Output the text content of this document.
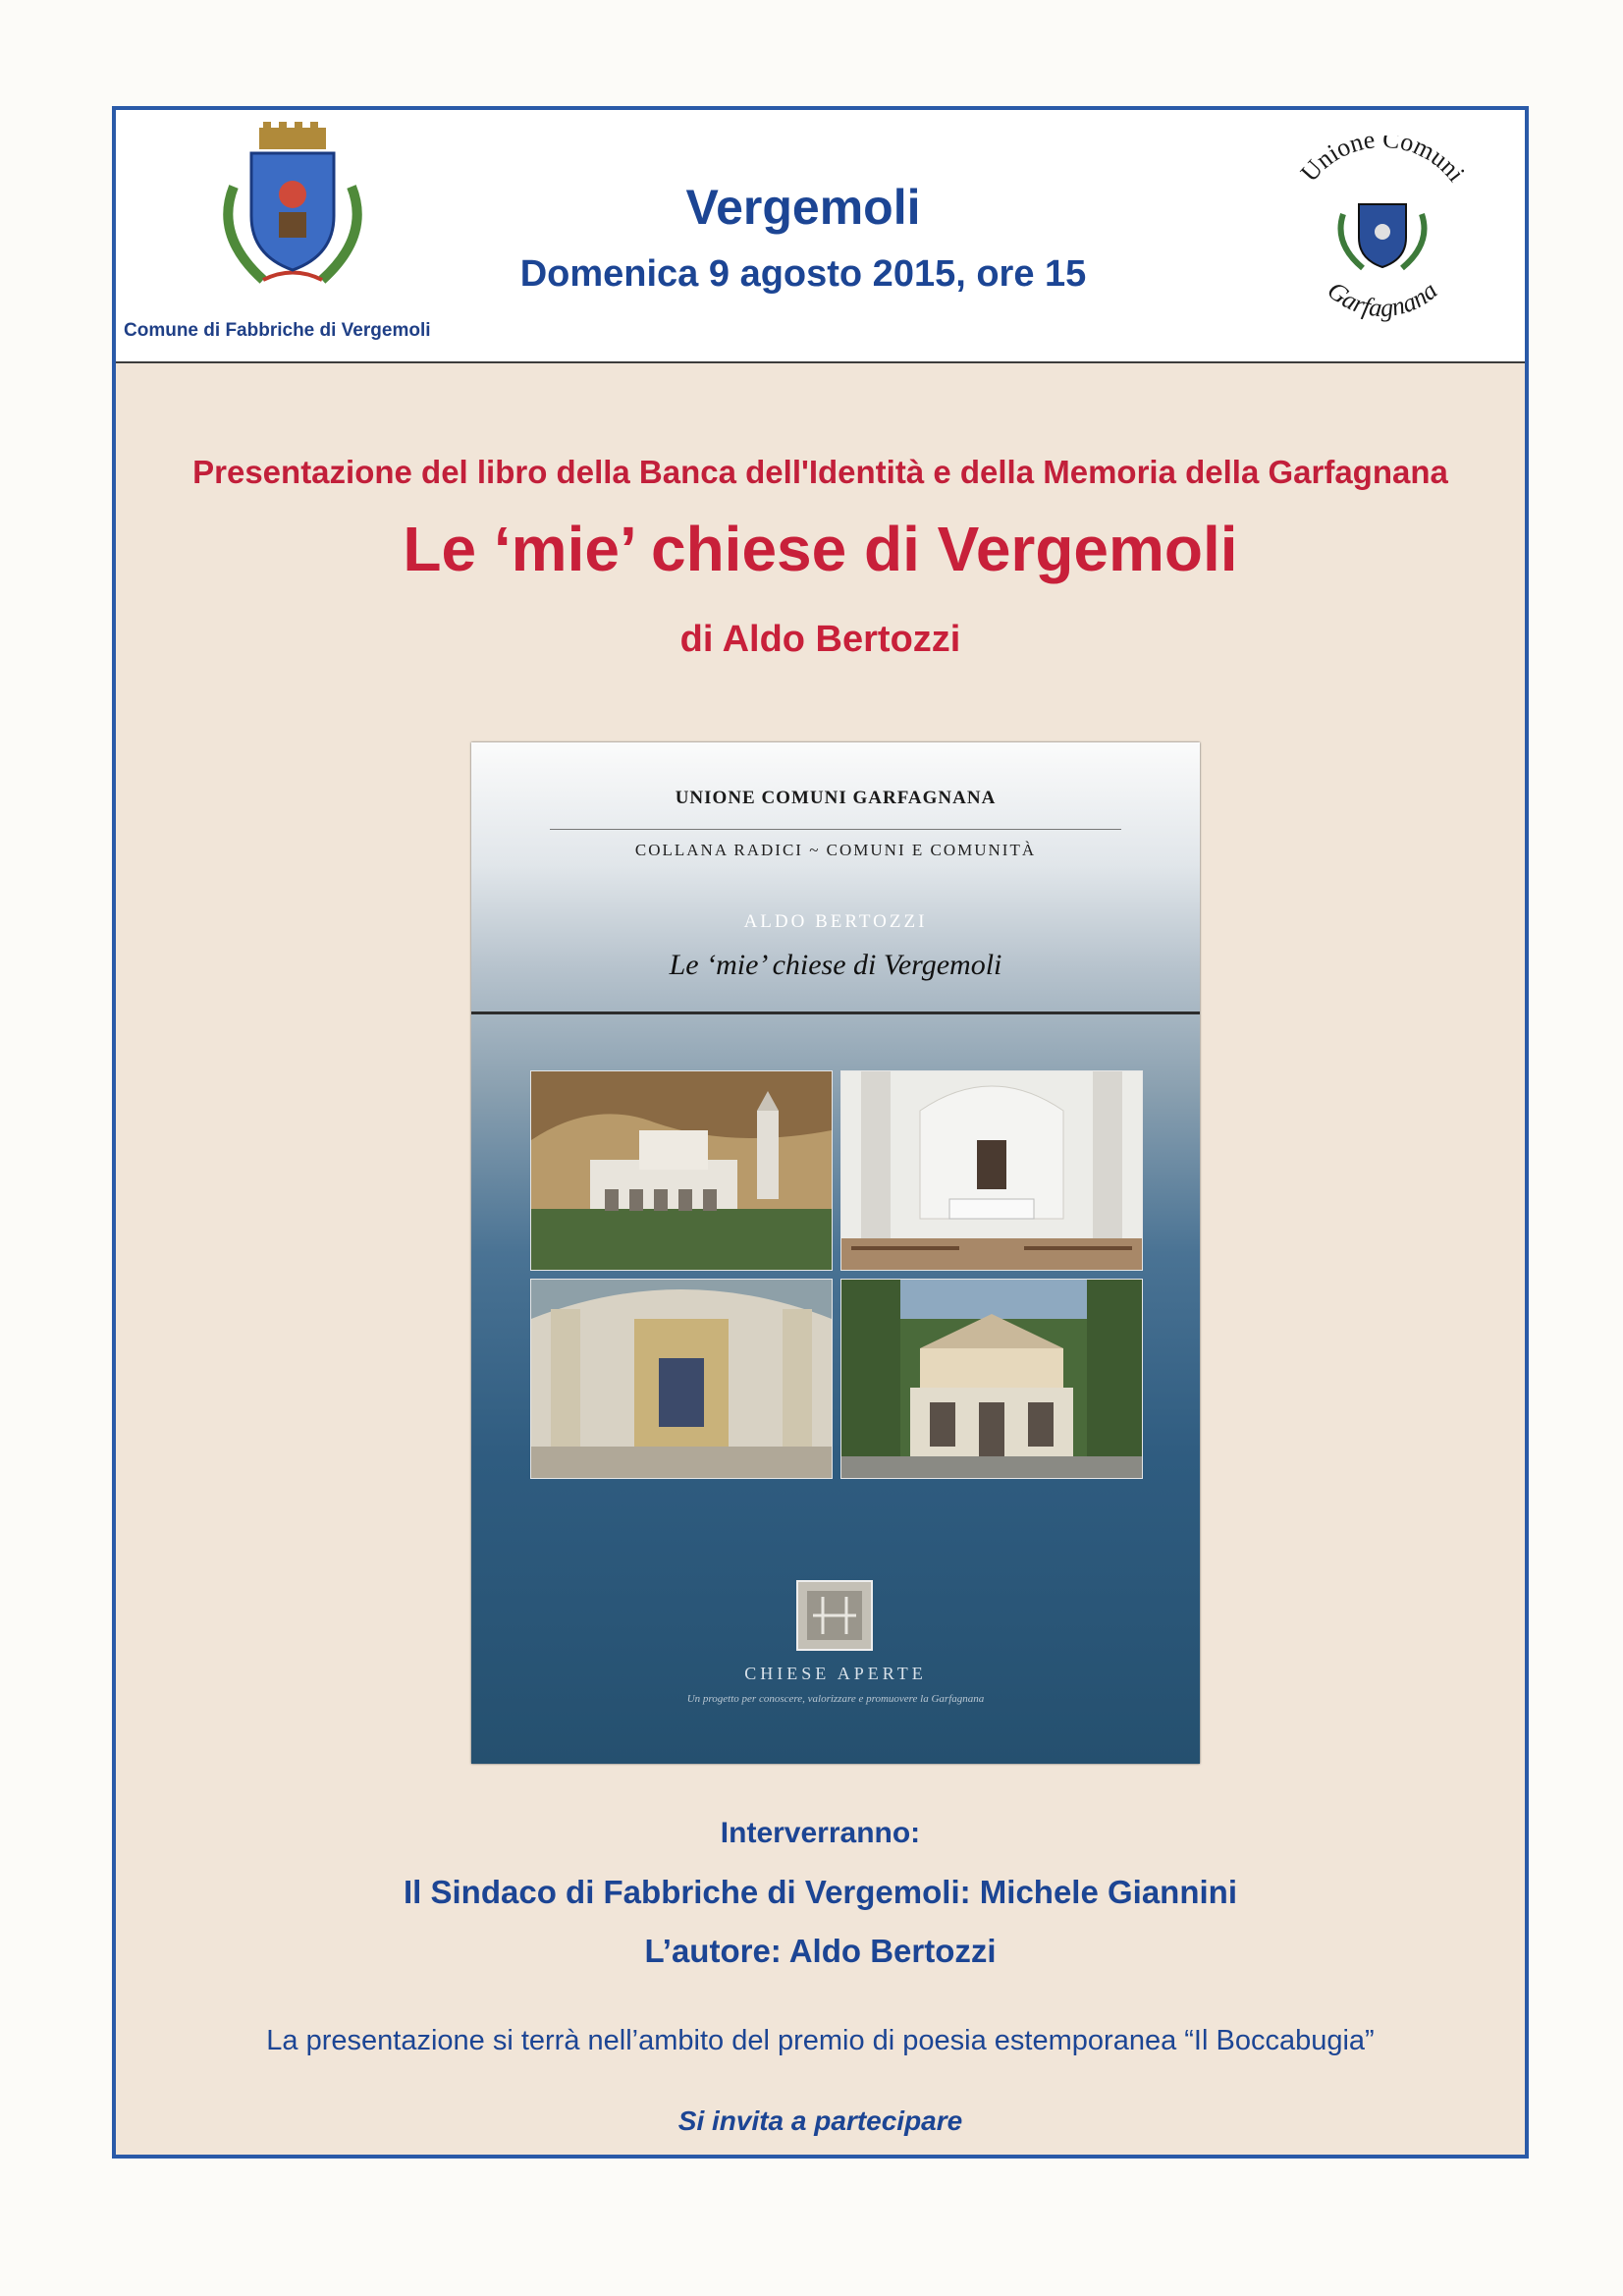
Comune di Fabbriche di Vergemoli
Vergemoli
Domenica 9 agosto 2015, ore 15
Unione Comuni
Garfagnana
Presentazione del libro della Banca dell'Identità e della Memoria della Garfagnana
Le ‘mie’ chiese di Vergemoli
di Aldo Bertozzi
UNIONE COMUNI GARFAGNANA
COLLANA RADICI ~ COMUNI E COMUNITÀ
ALDO BERTOZZI
Le ‘mie’ chiese di Vergemoli
CHIESE APERTE
Un progetto per conoscere, valorizzare e promuovere la Garfagnana
Interverranno:
Il Sindaco di Fabbriche di Vergemoli: Michele Giannini
L’autore: Aldo Bertozzi
La presentazione si terrà nell’ambito del premio di poesia estemporanea “Il Boccabugia”
Si invita a partecipare
